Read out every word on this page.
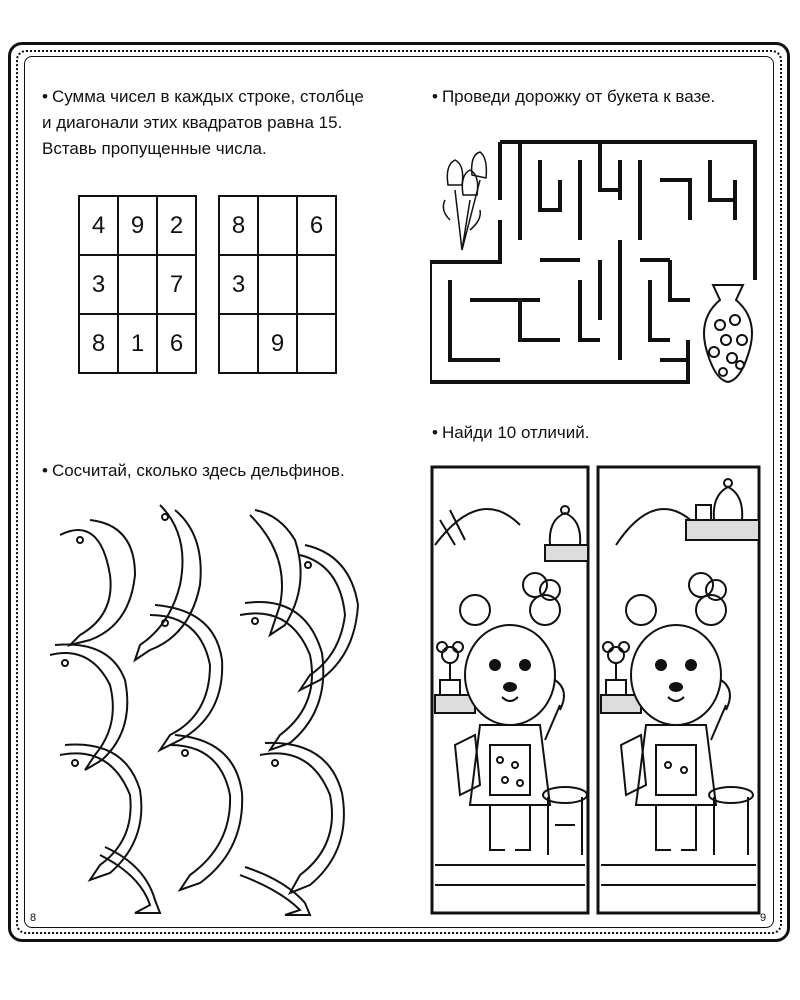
• Сумма чисел в каждых строке, столбце
и диагонали этих квадратов равна 15.
Вставь пропущенные числа.
4	9	2
3		7
8	1	6
8		6
3		
	9	
• Проведи дорожку от букета к вазе.
• Сосчитай, сколько здесь дельфинов.
• Найди 10 отличий.
8	9
